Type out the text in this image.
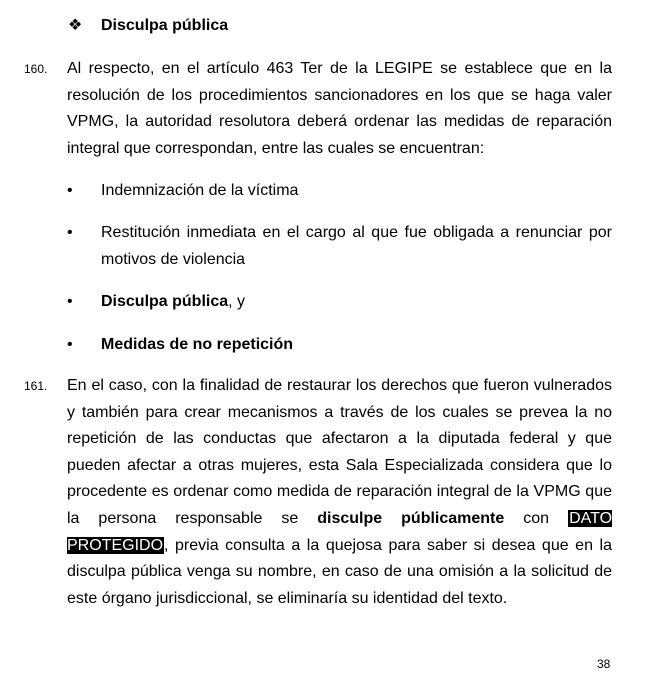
❖ Disculpa pública
160. Al respecto, en el artículo 463 Ter de la LEGIPE se establece que en la resolución de los procedimientos sancionadores en los que se haga valer VPMG, la autoridad resolutora deberá ordenar las medidas de reparación integral que correspondan, entre las cuales se encuentran:

• Indemnización de la víctima
• Restitución inmediata en el cargo al que fue obligada a renunciar por motivos de violencia
• Disculpa pública, y
• Medidas de no repetición
161. En el caso, con la finalidad de restaurar los derechos que fueron vulnerados y también para crear mecanismos a través de los cuales se prevea la no repetición de las conductas que afectaron a la diputada federal y que pueden afectar a otras mujeres, esta Sala Especializada considera que lo procedente es ordenar como medida de reparación integral de la VPMG que la persona responsable se disculpe públicamente con DATO PROTEGIDO, previa consulta a la quejosa para saber si desea que en la disculpa pública venga su nombre, en caso de una omisión a la solicitud de este órgano jurisdiccional, se eliminaría su identidad del texto.

38
